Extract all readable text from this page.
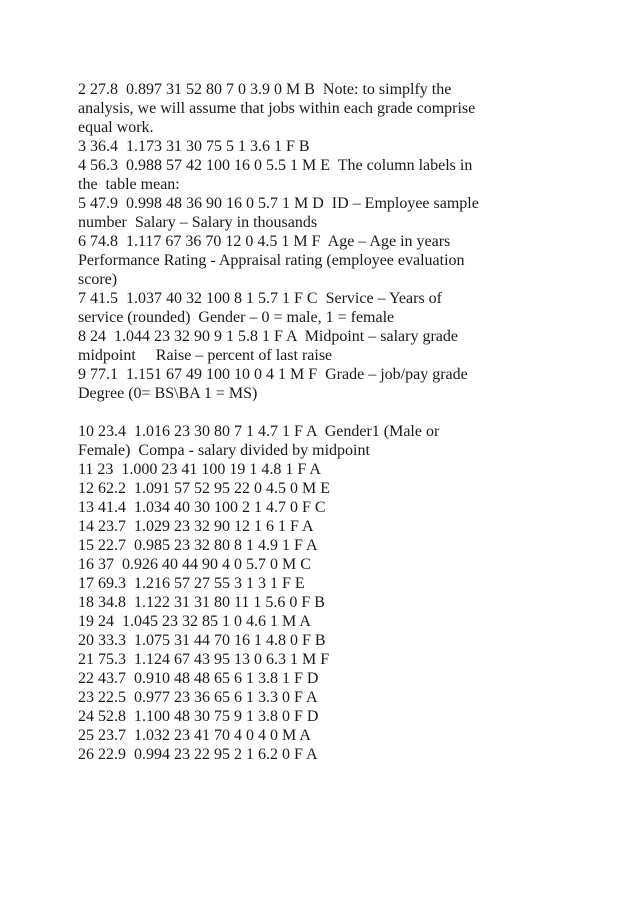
2 27.8  0.897 31 52 80 7 0 3.9 0 M B  Note: to simplfy the
analysis, we will assume that jobs within each grade comprise
equal work.
3 36.4  1.173 31 30 75 5 1 3.6 1 F B
4 56.3  0.988 57 42 100 16 0 5.5 1 M E  The column labels in
the  table mean:
5 47.9  0.998 48 36 90 16 0 5.7 1 M D  ID – Employee sample
number  Salary – Salary in thousands
6 74.8  1.117 67 36 70 12 0 4.5 1 M F  Age – Age in years
Performance Rating - Appraisal rating (employee evaluation
score)
7 41.5  1.037 40 32 100 8 1 5.7 1 F C  Service – Years of
service (rounded)  Gender – 0 = male, 1 = female
8 24  1.044 23 32 90 9 1 5.8 1 F A  Midpoint – salary grade
midpoint     Raise – percent of last raise
9 77.1  1.151 67 49 100 10 0 4 1 M F  Grade – job/pay grade
Degree (0= BS\BA 1 = MS)
10 23.4  1.016 23 30 80 7 1 4.7 1 F A  Gender1 (Male or
Female)  Compa - salary divided by midpoint
11 23  1.000 23 41 100 19 1 4.8 1 F A
12 62.2  1.091 57 52 95 22 0 4.5 0 M E
13 41.4  1.034 40 30 100 2 1 4.7 0 F C
14 23.7  1.029 23 32 90 12 1 6 1 F A
15 22.7  0.985 23 32 80 8 1 4.9 1 F A
16 37  0.926 40 44 90 4 0 5.7 0 M C
17 69.3  1.216 57 27 55 3 1 3 1 F E
18 34.8  1.122 31 31 80 11 1 5.6 0 F B
19 24  1.045 23 32 85 1 0 4.6 1 M A
20 33.3  1.075 31 44 70 16 1 4.8 0 F B
21 75.3  1.124 67 43 95 13 0 6.3 1 M F
22 43.7  0.910 48 48 65 6 1 3.8 1 F D
23 22.5  0.977 23 36 65 6 1 3.3 0 F A
24 52.8  1.100 48 30 75 9 1 3.8 0 F D
25 23.7  1.032 23 41 70 4 0 4 0 M A
26 22.9  0.994 23 22 95 2 1 6.2 0 F A
